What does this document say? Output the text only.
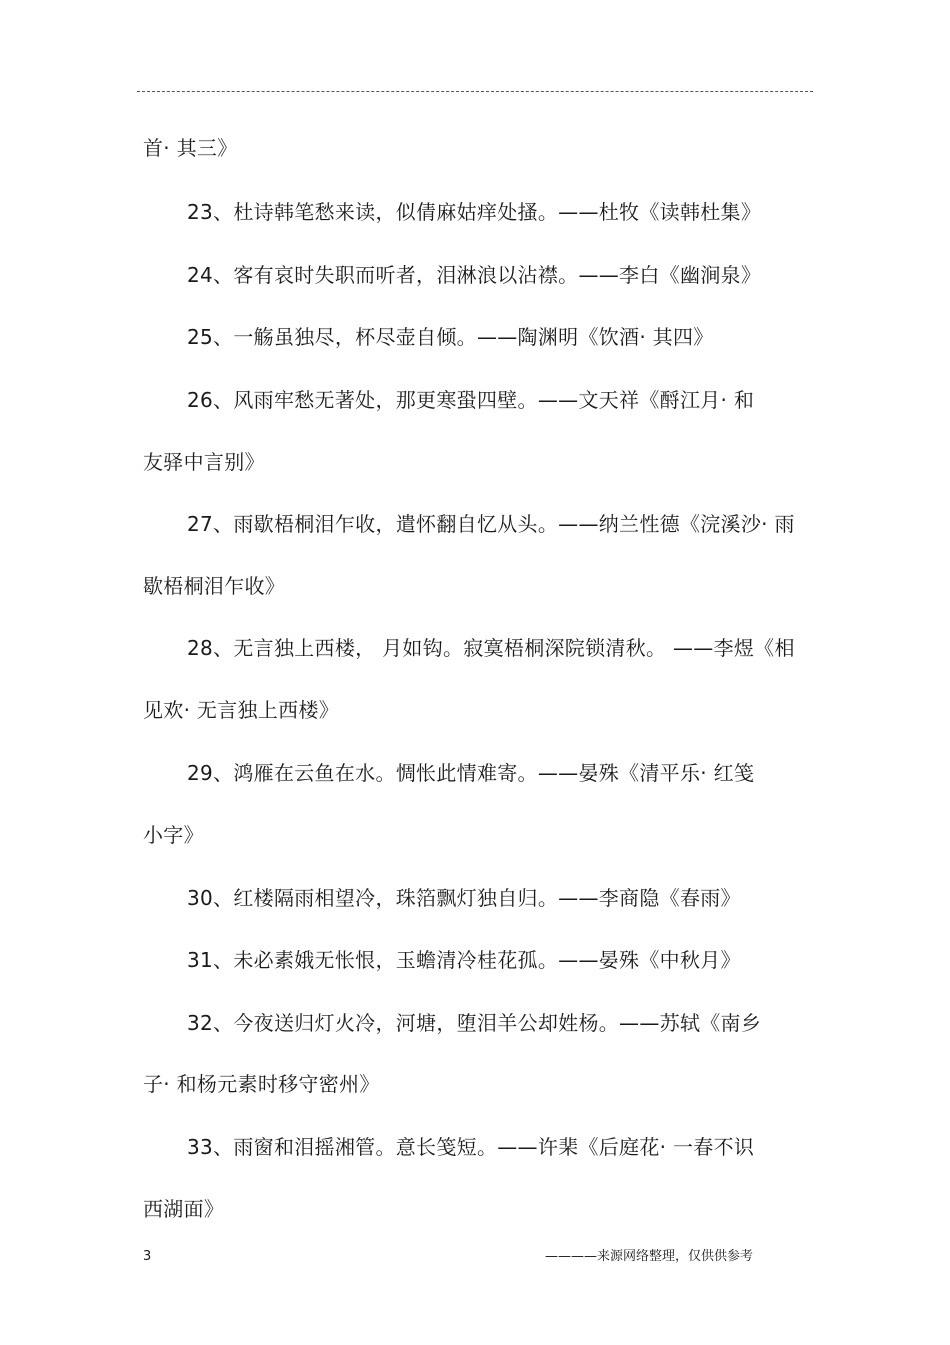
首· 其三》

23、杜诗韩笔愁来读，似倩麻姑痒处搔。——杜牧《读韩杜集》

24、客有哀时失职而听者，泪淋浪以沾襟。——李白《幽涧泉》

25、一觞虽独尽，杯尽壶自倾。——陶渊明《饮酒· 其四》

26、风雨牢愁无著处，那更寒蛩四壁。——文天祥《酹江月· 和

友驿中言别》

27、雨歇梧桐泪乍收，遣怀翻自忆从头。——纳兰性德《浣溪沙· 雨

歇梧桐泪乍收》

28、无言独上西楼， 月如钩。寂寞梧桐深院锁清秋。 ——李煜《相

见欢· 无言独上西楼》

29、鸿雁在云鱼在水。惆怅此情难寄。——晏殊《清平乐· 红笺

小字》

30、红楼隔雨相望冷，珠箔飘灯独自归。——李商隐《春雨》

31、未必素娥无怅恨，玉蟾清冷桂花孤。——晏殊《中秋月》

32、今夜送归灯火冷，河塘，堕泪羊公却姓杨。——苏轼《南乡

子· 和杨元素时移守密州》

33、雨窗和泪摇湘管。意长笺短。——许棐《后庭花· 一春不识

西湖面》

3	————来源网络整理，仅供供参考
